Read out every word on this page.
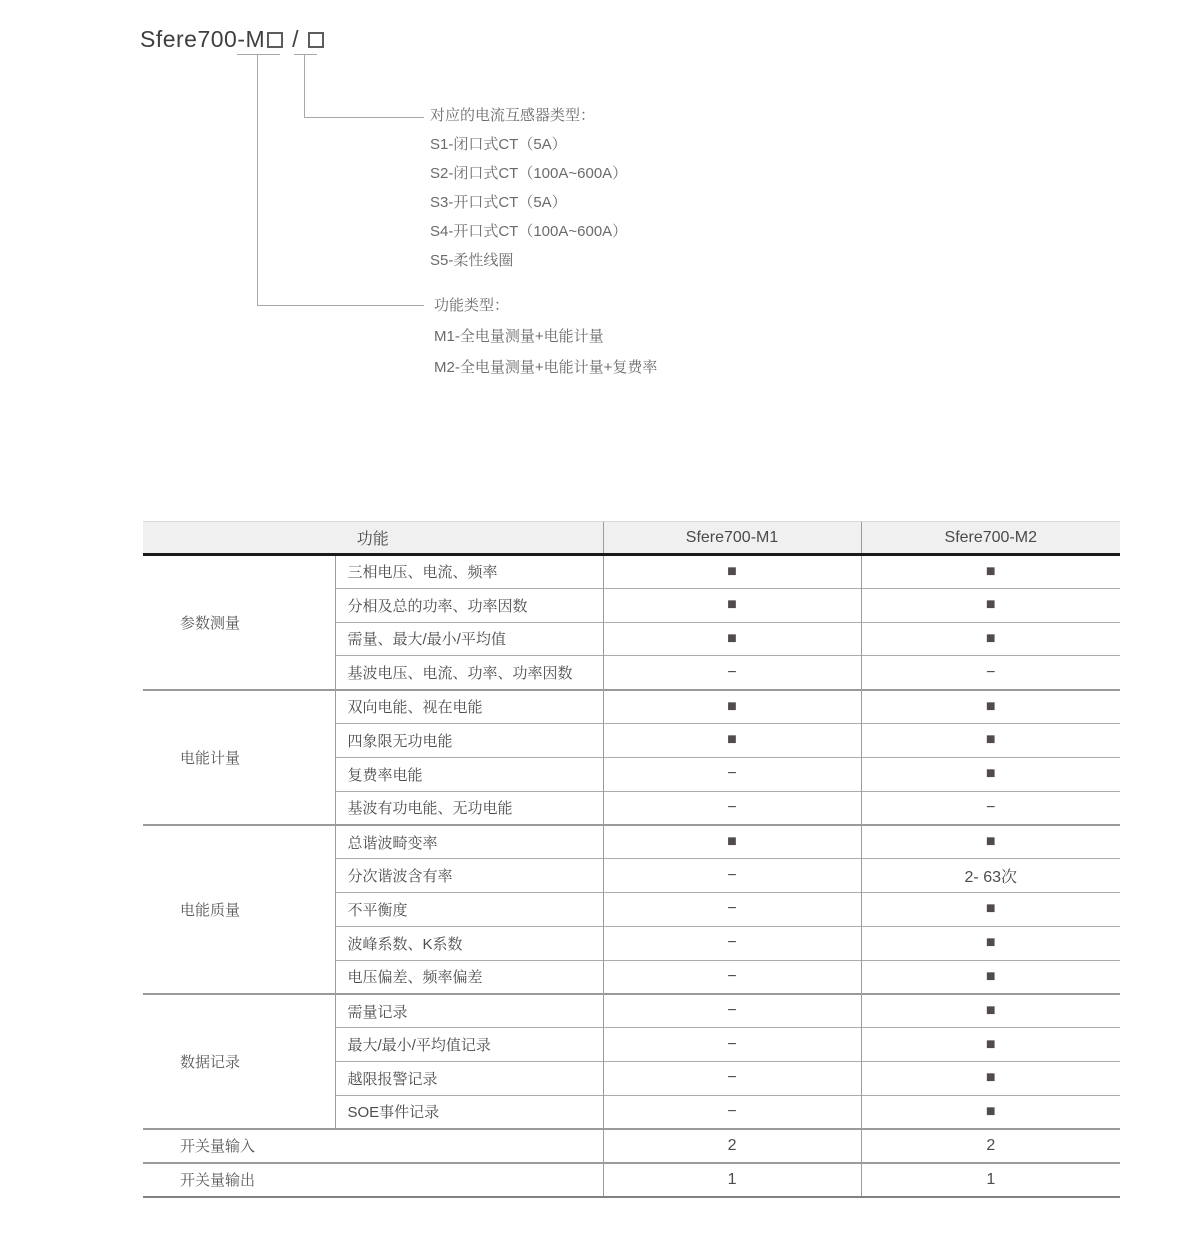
Sfere700-M /
对应的电流互感器类型：
S1-闭口式CT（5A）
S2-闭口式CT（100A~600A）
S3-开口式CT（5A）
S4-开口式CT（100A~600A）
S5-柔性线圈
功能类型：
M1-全电量测量+电能计量
M2-全电量测量+电能计量+复费率
功能		Sfere700-M1	Sfere700-M2
参数测量	三相电压、电流、频率	■	■
	分相及总的功率、功率因数	■	■
	需量、最大/最小/平均值	■	■
	基波电压、电流、功率、功率因数	−	−
电能计量	双向电能、视在电能	■	■
	四象限无功电能	■	■
	复费率电能	−	■
	基波有功电能、无功电能	−	−
电能质量	总谐波畸变率	■	■
	分次谐波含有率	−	2- 63次
	不平衡度	−	■
	波峰系数、K系数	−	■
	电压偏差、频率偏差	−	■
数据记录	需量记录	−	■
	最大/最小/平均值记录	−	■
	越限报警记录	−	■
	SOE事件记录	−	■
开关量输入		2	2
开关量输出		1	1
